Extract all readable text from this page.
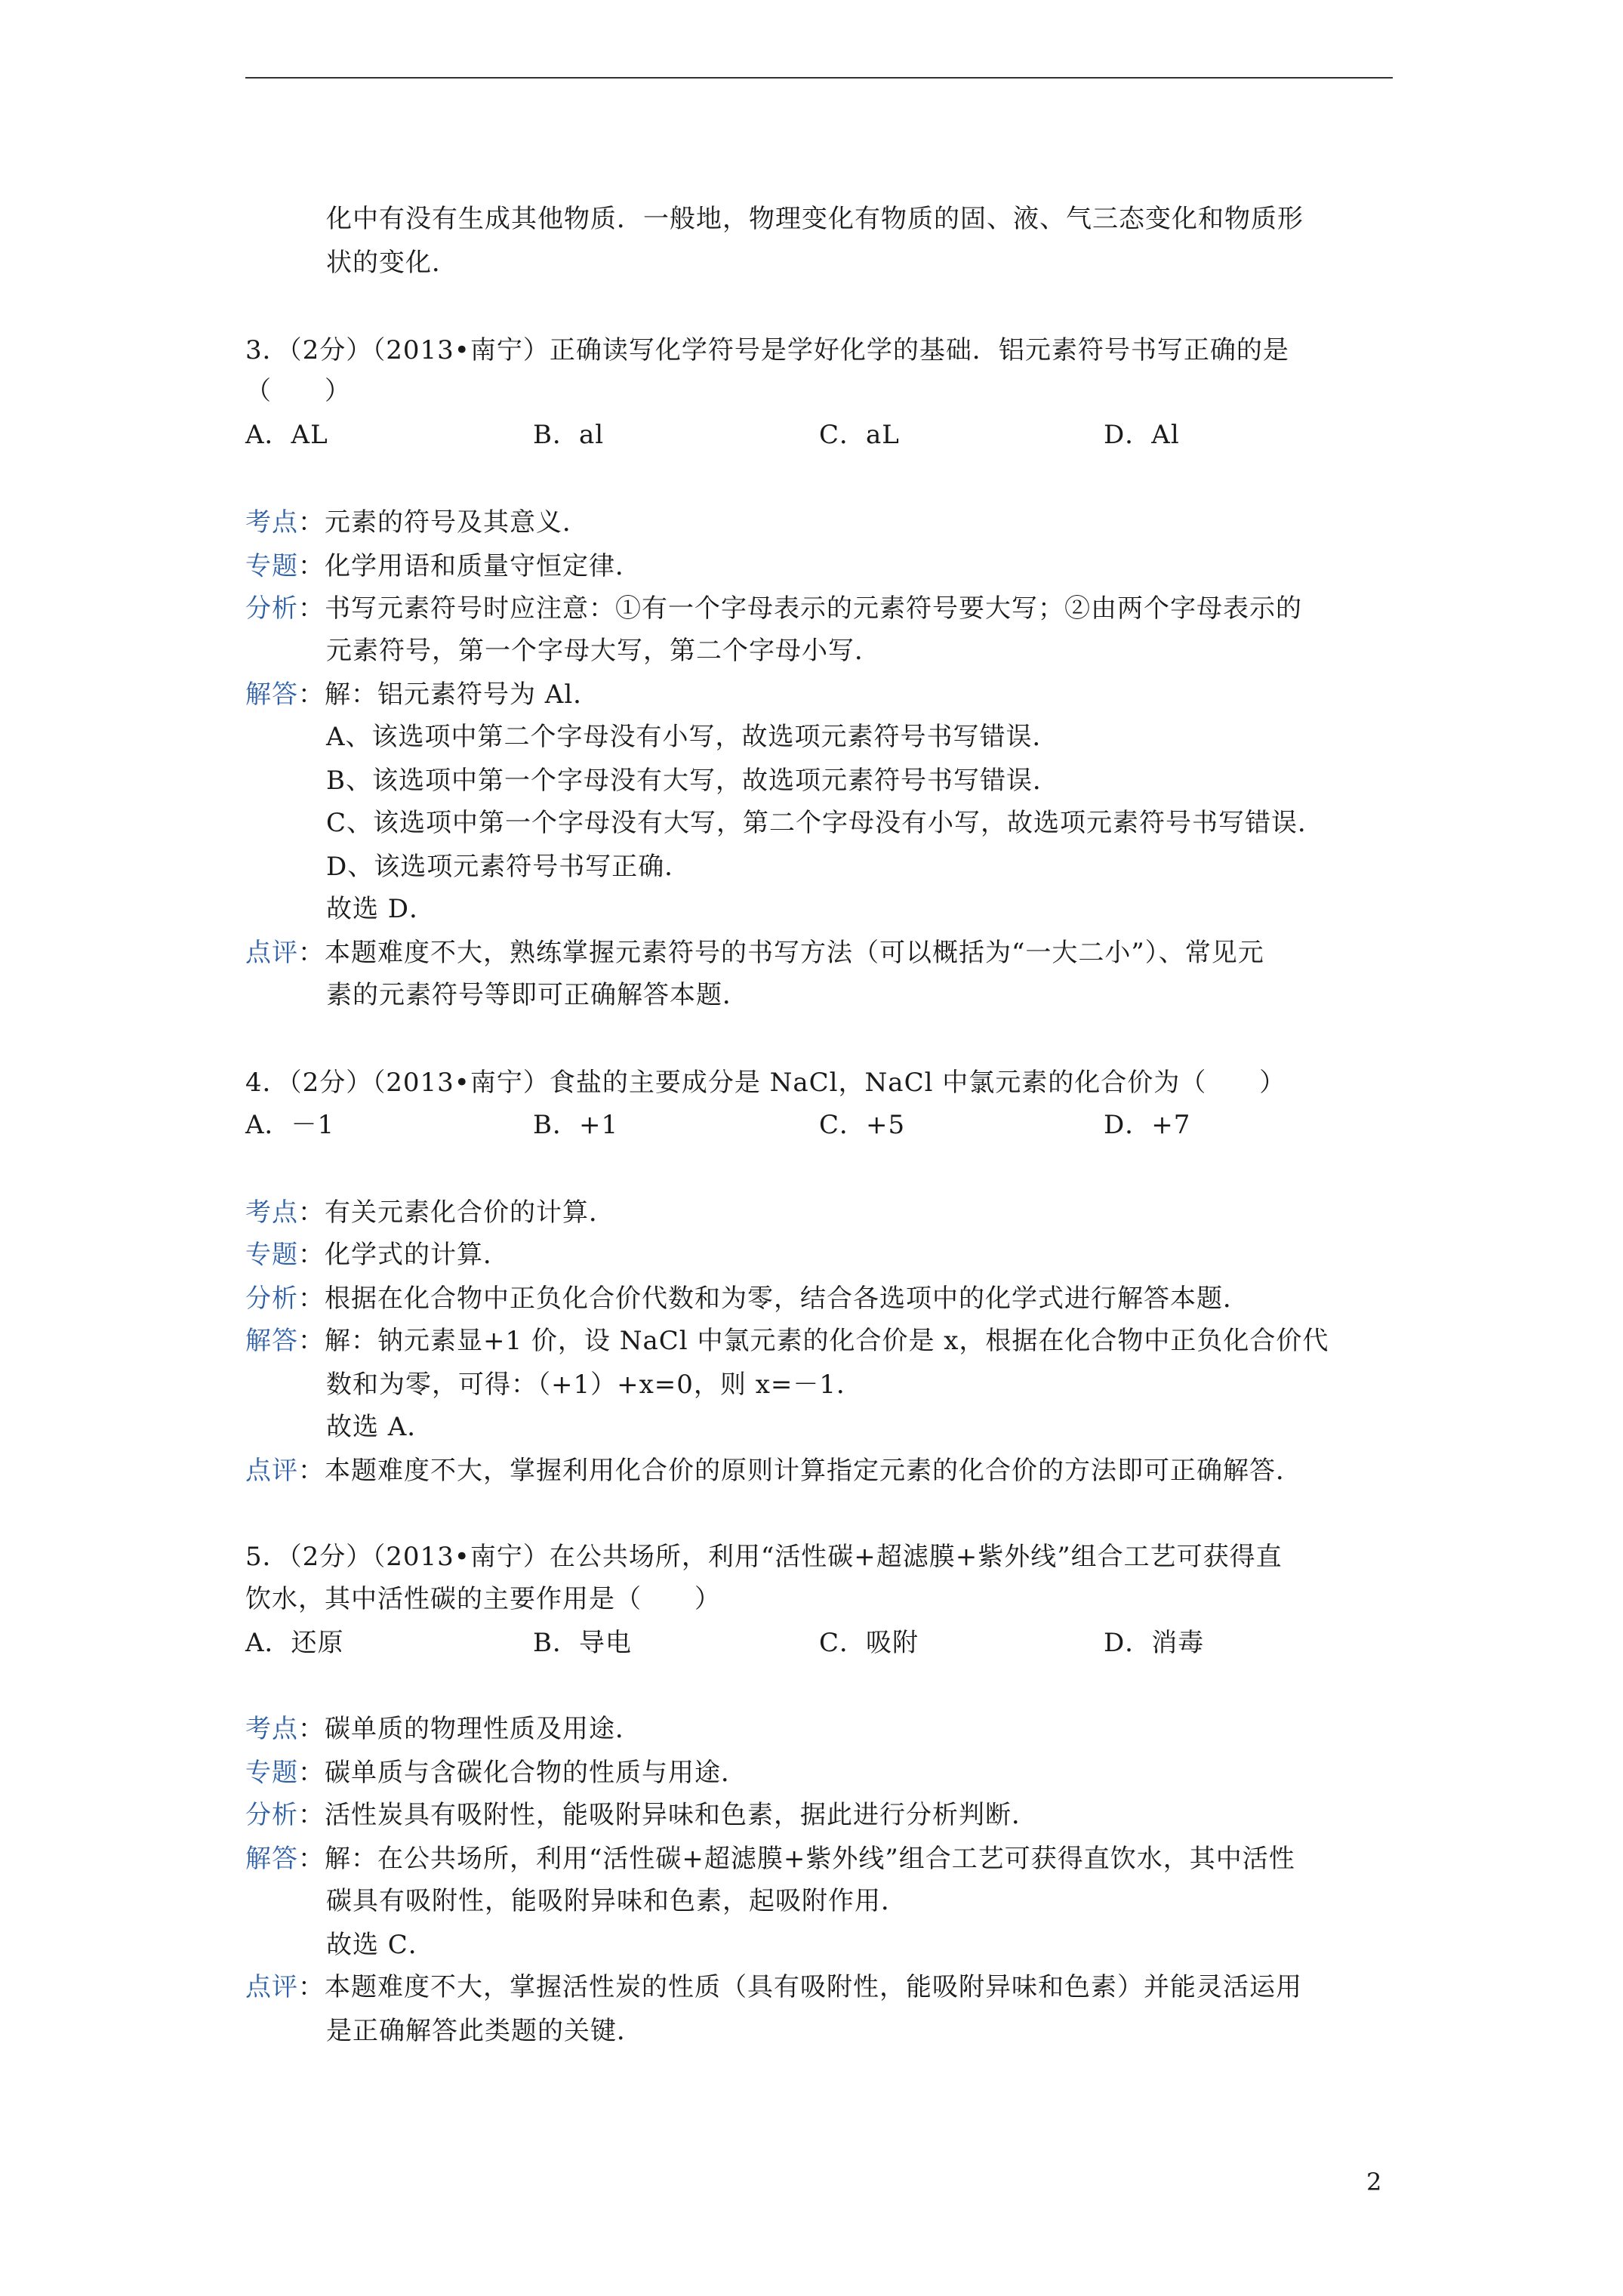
化中有没有生成其他物质．一般地，物理变化有物质的固、液、气三态变化和物质形
状的变化．
3．（2分）（2013•南宁）正确读写化学符号是学好化学的基础．铝元素符号书写正确的是
（　　）
A．AL	B．al	C．aL	D．Al
考点：元素的符号及其意义．
专题：化学用语和质量守恒定律．
分析：书写元素符号时应注意：①有一个字母表示的元素符号要大写；②由两个字母表示的
元素符号，第一个字母大写，第二个字母小写．
解答：解：铝元素符号为 Al．
A、该选项中第二个字母没有小写，故选项元素符号书写错误．
B、该选项中第一个字母没有大写，故选项元素符号书写错误．
C、该选项中第一个字母没有大写，第二个字母没有小写，故选项元素符号书写错误．
D、该选项元素符号书写正确．
故选 D．
点评：本题难度不大，熟练掌握元素符号的书写方法（可以概括为“一大二小”）、常见元
素的元素符号等即可正确解答本题．
4．（2分）（2013•南宁）食盐的主要成分是 NaCl，NaCl 中氯元素的化合价为（　　）
A．－1	B．+1	C．+5	D．+7
考点：有关元素化合价的计算．
专题：化学式的计算．
分析：根据在化合物中正负化合价代数和为零，结合各选项中的化学式进行解答本题．
解答：解：钠元素显+1 价，设 NaCl 中氯元素的化合价是 x，根据在化合物中正负化合价代
数和为零，可得：（+1）+x=0，则 x=－1．
故选 A．
点评：本题难度不大，掌握利用化合价的原则计算指定元素的化合价的方法即可正确解答．
5．（2分）（2013•南宁）在公共场所，利用“活性碳+超滤膜+紫外线”组合工艺可获得直
饮水，其中活性碳的主要作用是（　　）
A．还原	B．导电	C．吸附	D．消毒
考点：碳单质的物理性质及用途．
专题：碳单质与含碳化合物的性质与用途．
分析：活性炭具有吸附性，能吸附异味和色素，据此进行分析判断．
解答：解：在公共场所，利用“活性碳+超滤膜+紫外线”组合工艺可获得直饮水，其中活性
碳具有吸附性，能吸附异味和色素，起吸附作用．
故选 C．
点评：本题难度不大，掌握活性炭的性质（具有吸附性，能吸附异味和色素）并能灵活运用
是正确解答此类题的关键．
2
